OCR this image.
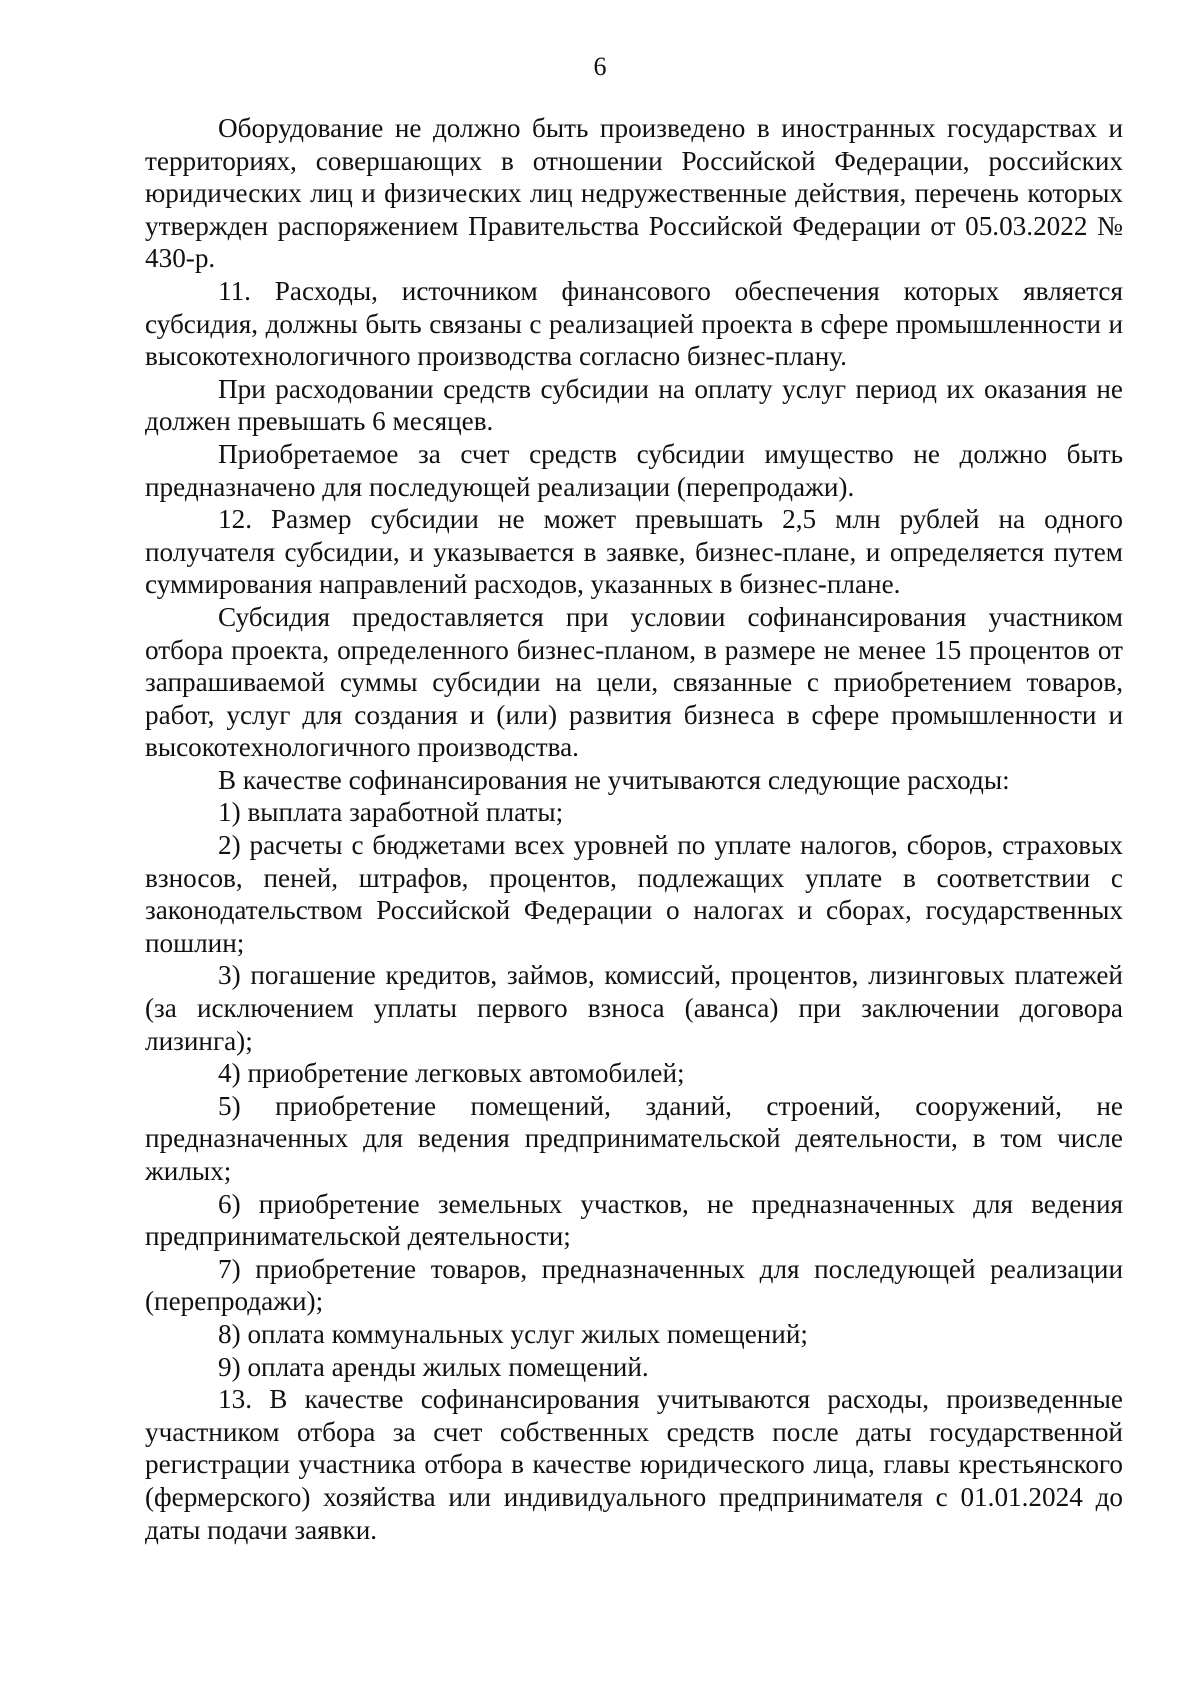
6

Оборудование не должно быть произведено в иностранных государствах и территориях, совершающих в отношении Российской Федерации, российских юридических лиц и физических лиц недружественные действия, перечень которых утвержден распоряжением Правительства Российской Федерации от 05.03.2022 № 430-р.

11. Расходы, источником финансового обеспечения которых является субсидия, должны быть связаны с реализацией проекта в сфере промышленности и высокотехнологичного производства согласно бизнес-плану.

При расходовании средств субсидии на оплату услуг период их оказания не должен превышать 6 месяцев.

Приобретаемое за счет средств субсидии имущество не должно быть предназначено для последующей реализации (перепродажи).

12. Размер субсидии не может превышать 2,5 млн рублей на одного получателя субсидии, и указывается в заявке, бизнес-плане, и определяется путем суммирования направлений расходов, указанных в бизнес-плане.

Субсидия предоставляется при условии софинансирования участником отбора проекта, определенного бизнес-планом, в размере не менее 15 процентов от запрашиваемой суммы субсидии на цели, связанные с приобретением товаров, работ, услуг для создания и (или) развития бизнеса в сфере промышленности и высокотехнологичного производства.

В качестве софинансирования не учитываются следующие расходы:

1) выплата заработной платы;

2) расчеты с бюджетами всех уровней по уплате налогов, сборов, страховых взносов, пеней, штрафов, процентов, подлежащих уплате в соответствии с законодательством Российской Федерации о налогах и сборах, государственных пошлин;

3) погашение кредитов, займов, комиссий, процентов, лизинговых платежей (за исключением уплаты первого взноса (аванса) при заключении договора лизинга);

4) приобретение легковых автомобилей;

5) приобретение помещений, зданий, строений, сооружений, не предназначенных для ведения предпринимательской деятельности, в том числе жилых;

6) приобретение земельных участков, не предназначенных для ведения предпринимательской деятельности;

7) приобретение товаров, предназначенных для последующей реализации (перепродажи);

8) оплата коммунальных услуг жилых помещений;

9) оплата аренды жилых помещений.

13. В качестве софинансирования учитываются расходы, произведенные участником отбора за счет собственных средств после даты государственной регистрации участника отбора в качестве юридического лица, главы крестьянского (фермерского) хозяйства или индивидуального предпринимателя с 01.01.2024 до даты подачи заявки.
